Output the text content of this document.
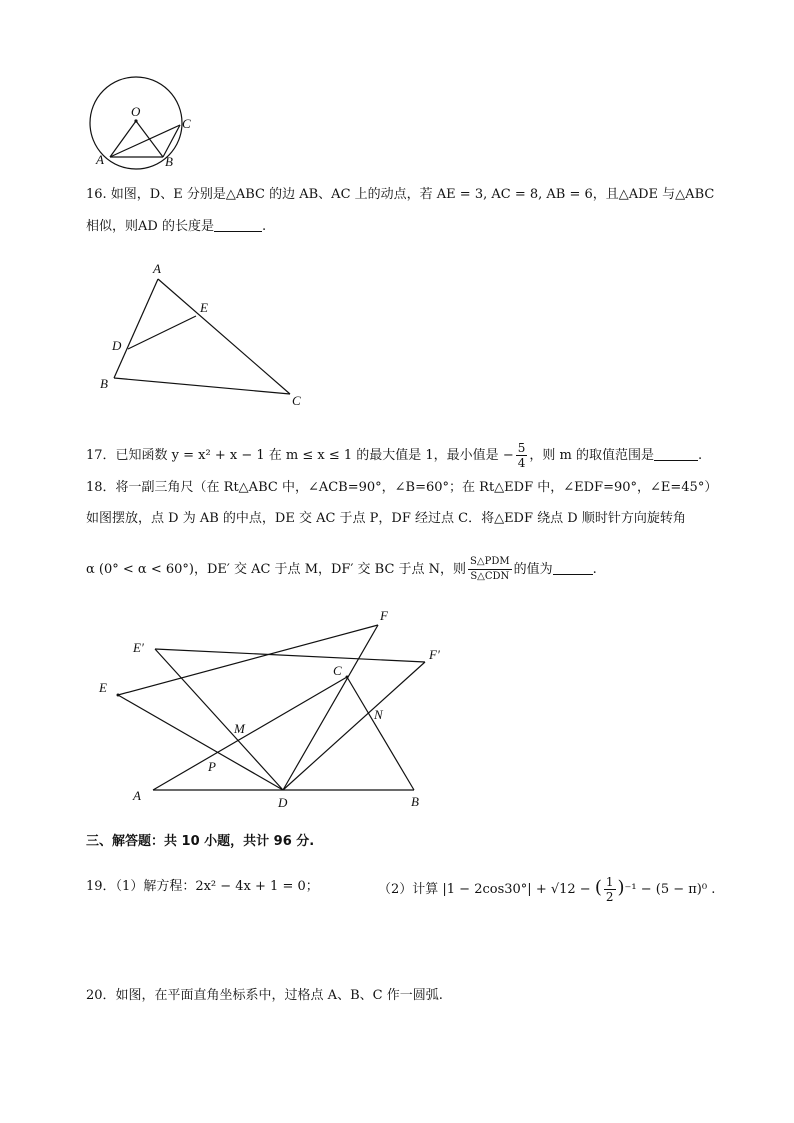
O
C
A	B
16. 如图，D、E 分别是△ABC 的边 AB、AC 上的动点，若 AE = 3, AC = 8, AB = 6，且△ADE 与△ABC
相似，则AD 的长度是	.
A
E
D
B
C
17．已知函数 y = x² + x − 1 在 m ≤ x ≤ 1 的最大值是 1，最小值是 − $\frac{5}{4}$ ，则 m 的取值范围是	.
18．将一副三角尺（在 Rt△ABC 中，∠ACB=90°，∠B=60°；在 Rt△EDF 中，∠EDF=90°，∠E=45°）
如图摆放，点 D 为 AB 的中点，DE 交 AC 于点 P，DF 经过点 C．将△EDF 绕点 D 顺时针方向旋转角
α (0° < α < 60°)，DE′ 交 AC 于点 M，DF′ 交 BC 于点 N，则 $\frac{\text{S△PDM}}{\text{S△CDN}}$ 的值为	.
F
E′	F′
E
C
N
M
P
A	D	B
三、解答题：共 10 小题，共计 96 分.
19．（1）解方程：2x² − 4x + 1 = 0；	（2）计算 |1 − 2cos30°| + √12 − ( $\frac{1}{2} )^{-1} - (5 - \pi)^0$ .
20．如图，在平面直角坐标系中，过格点 A、B、C 作一圆弧.
